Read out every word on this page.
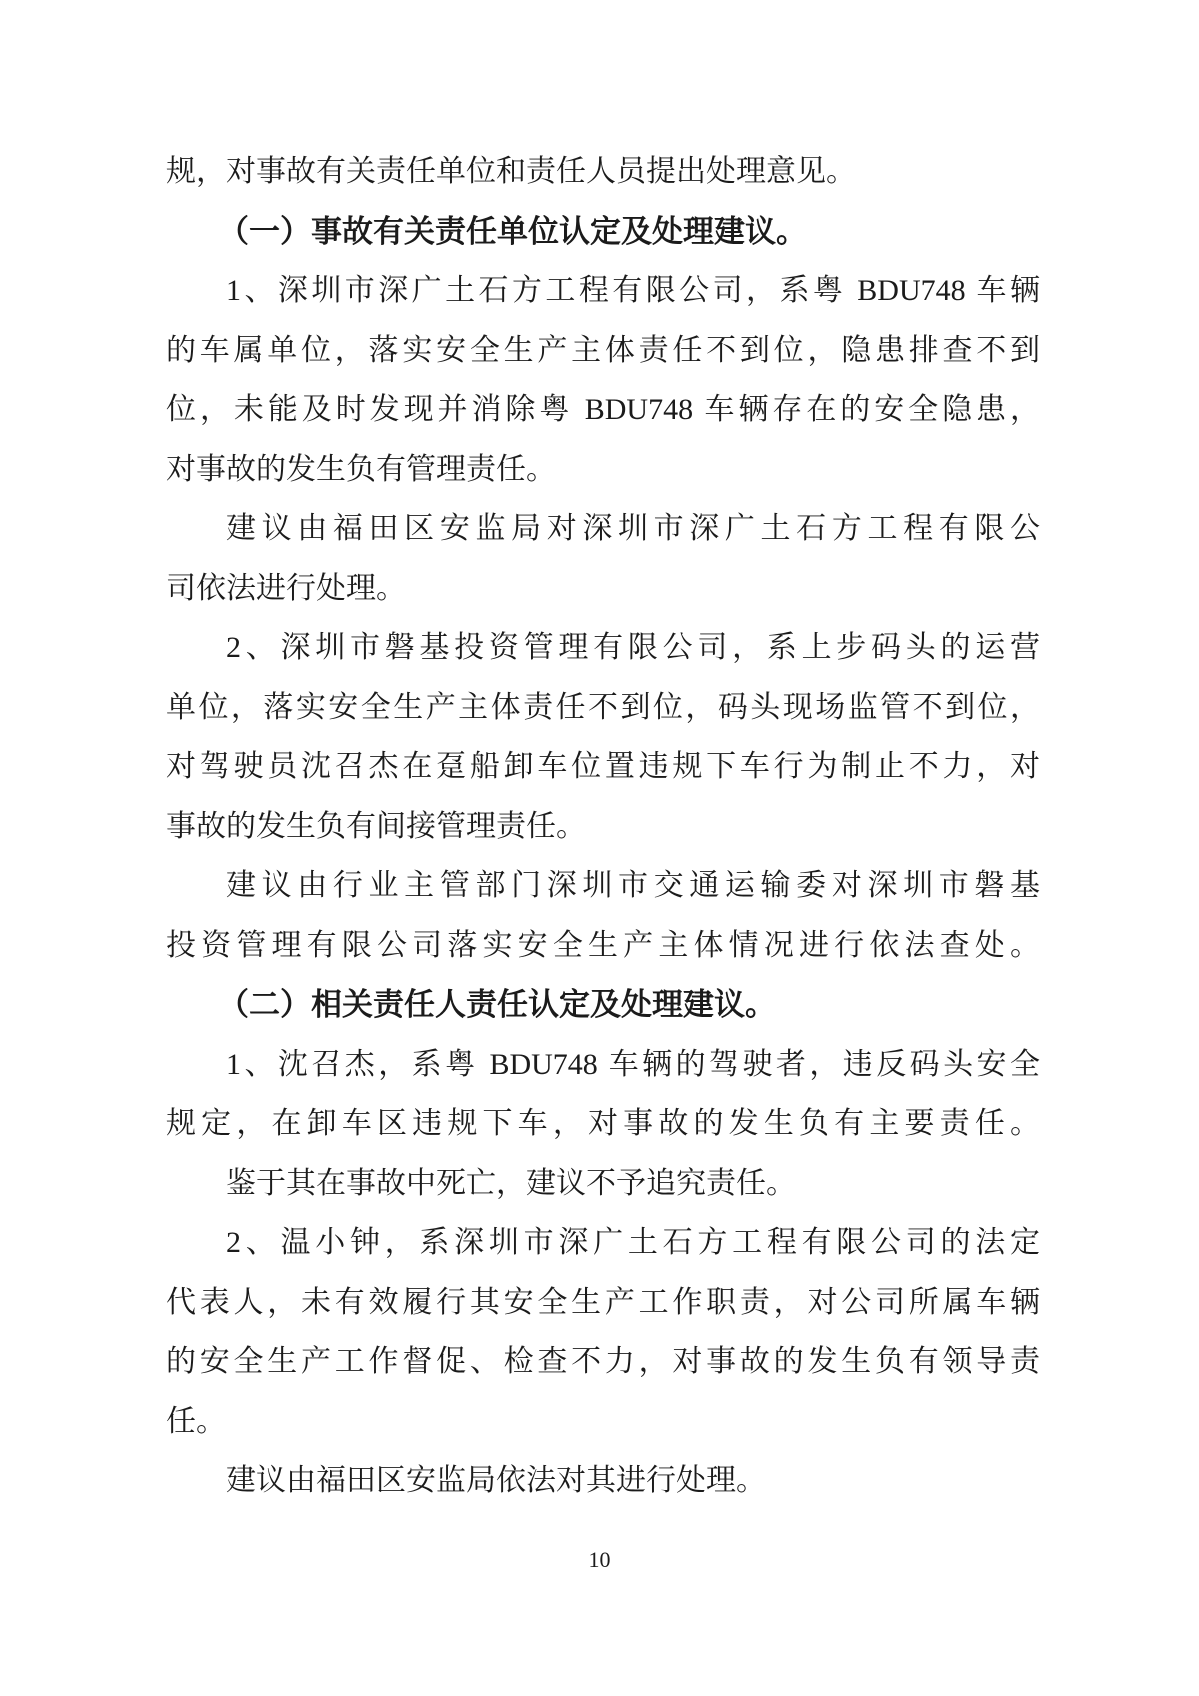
规，对事故有关责任单位和责任人员提出处理意见。
（一）事故有关责任单位认定及处理建议。
1、深圳市深广土石方工程有限公司，系粤 BDU748 车辆
的车属单位，落实安全生产主体责任不到位，隐患排查不到
位，未能及时发现并消除粤 BDU748 车辆存在的安全隐患，
对事故的发生负有管理责任。
建议由福田区安监局对深圳市深广土石方工程有限公
司依法进行处理。
2、深圳市磐基投资管理有限公司，系上步码头的运营
单位，落实安全生产主体责任不到位，码头现场监管不到位，
对驾驶员沈召杰在趸船卸车位置违规下车行为制止不力，对
事故的发生负有间接管理责任。
建议由行业主管部门深圳市交通运输委对深圳市磐基
投资管理有限公司落实安全生产主体情况进行依法查处。
（二）相关责任人责任认定及处理建议。
1、沈召杰，系粤 BDU748 车辆的驾驶者，违反码头安全
规定，在卸车区违规下车，对事故的发生负有主要责任。
鉴于其在事故中死亡，建议不予追究责任。
2、温小钟，系深圳市深广土石方工程有限公司的法定
代表人，未有效履行其安全生产工作职责，对公司所属车辆
的安全生产工作督促、检查不力，对事故的发生负有领导责
任。
建议由福田区安监局依法对其进行处理。
10
